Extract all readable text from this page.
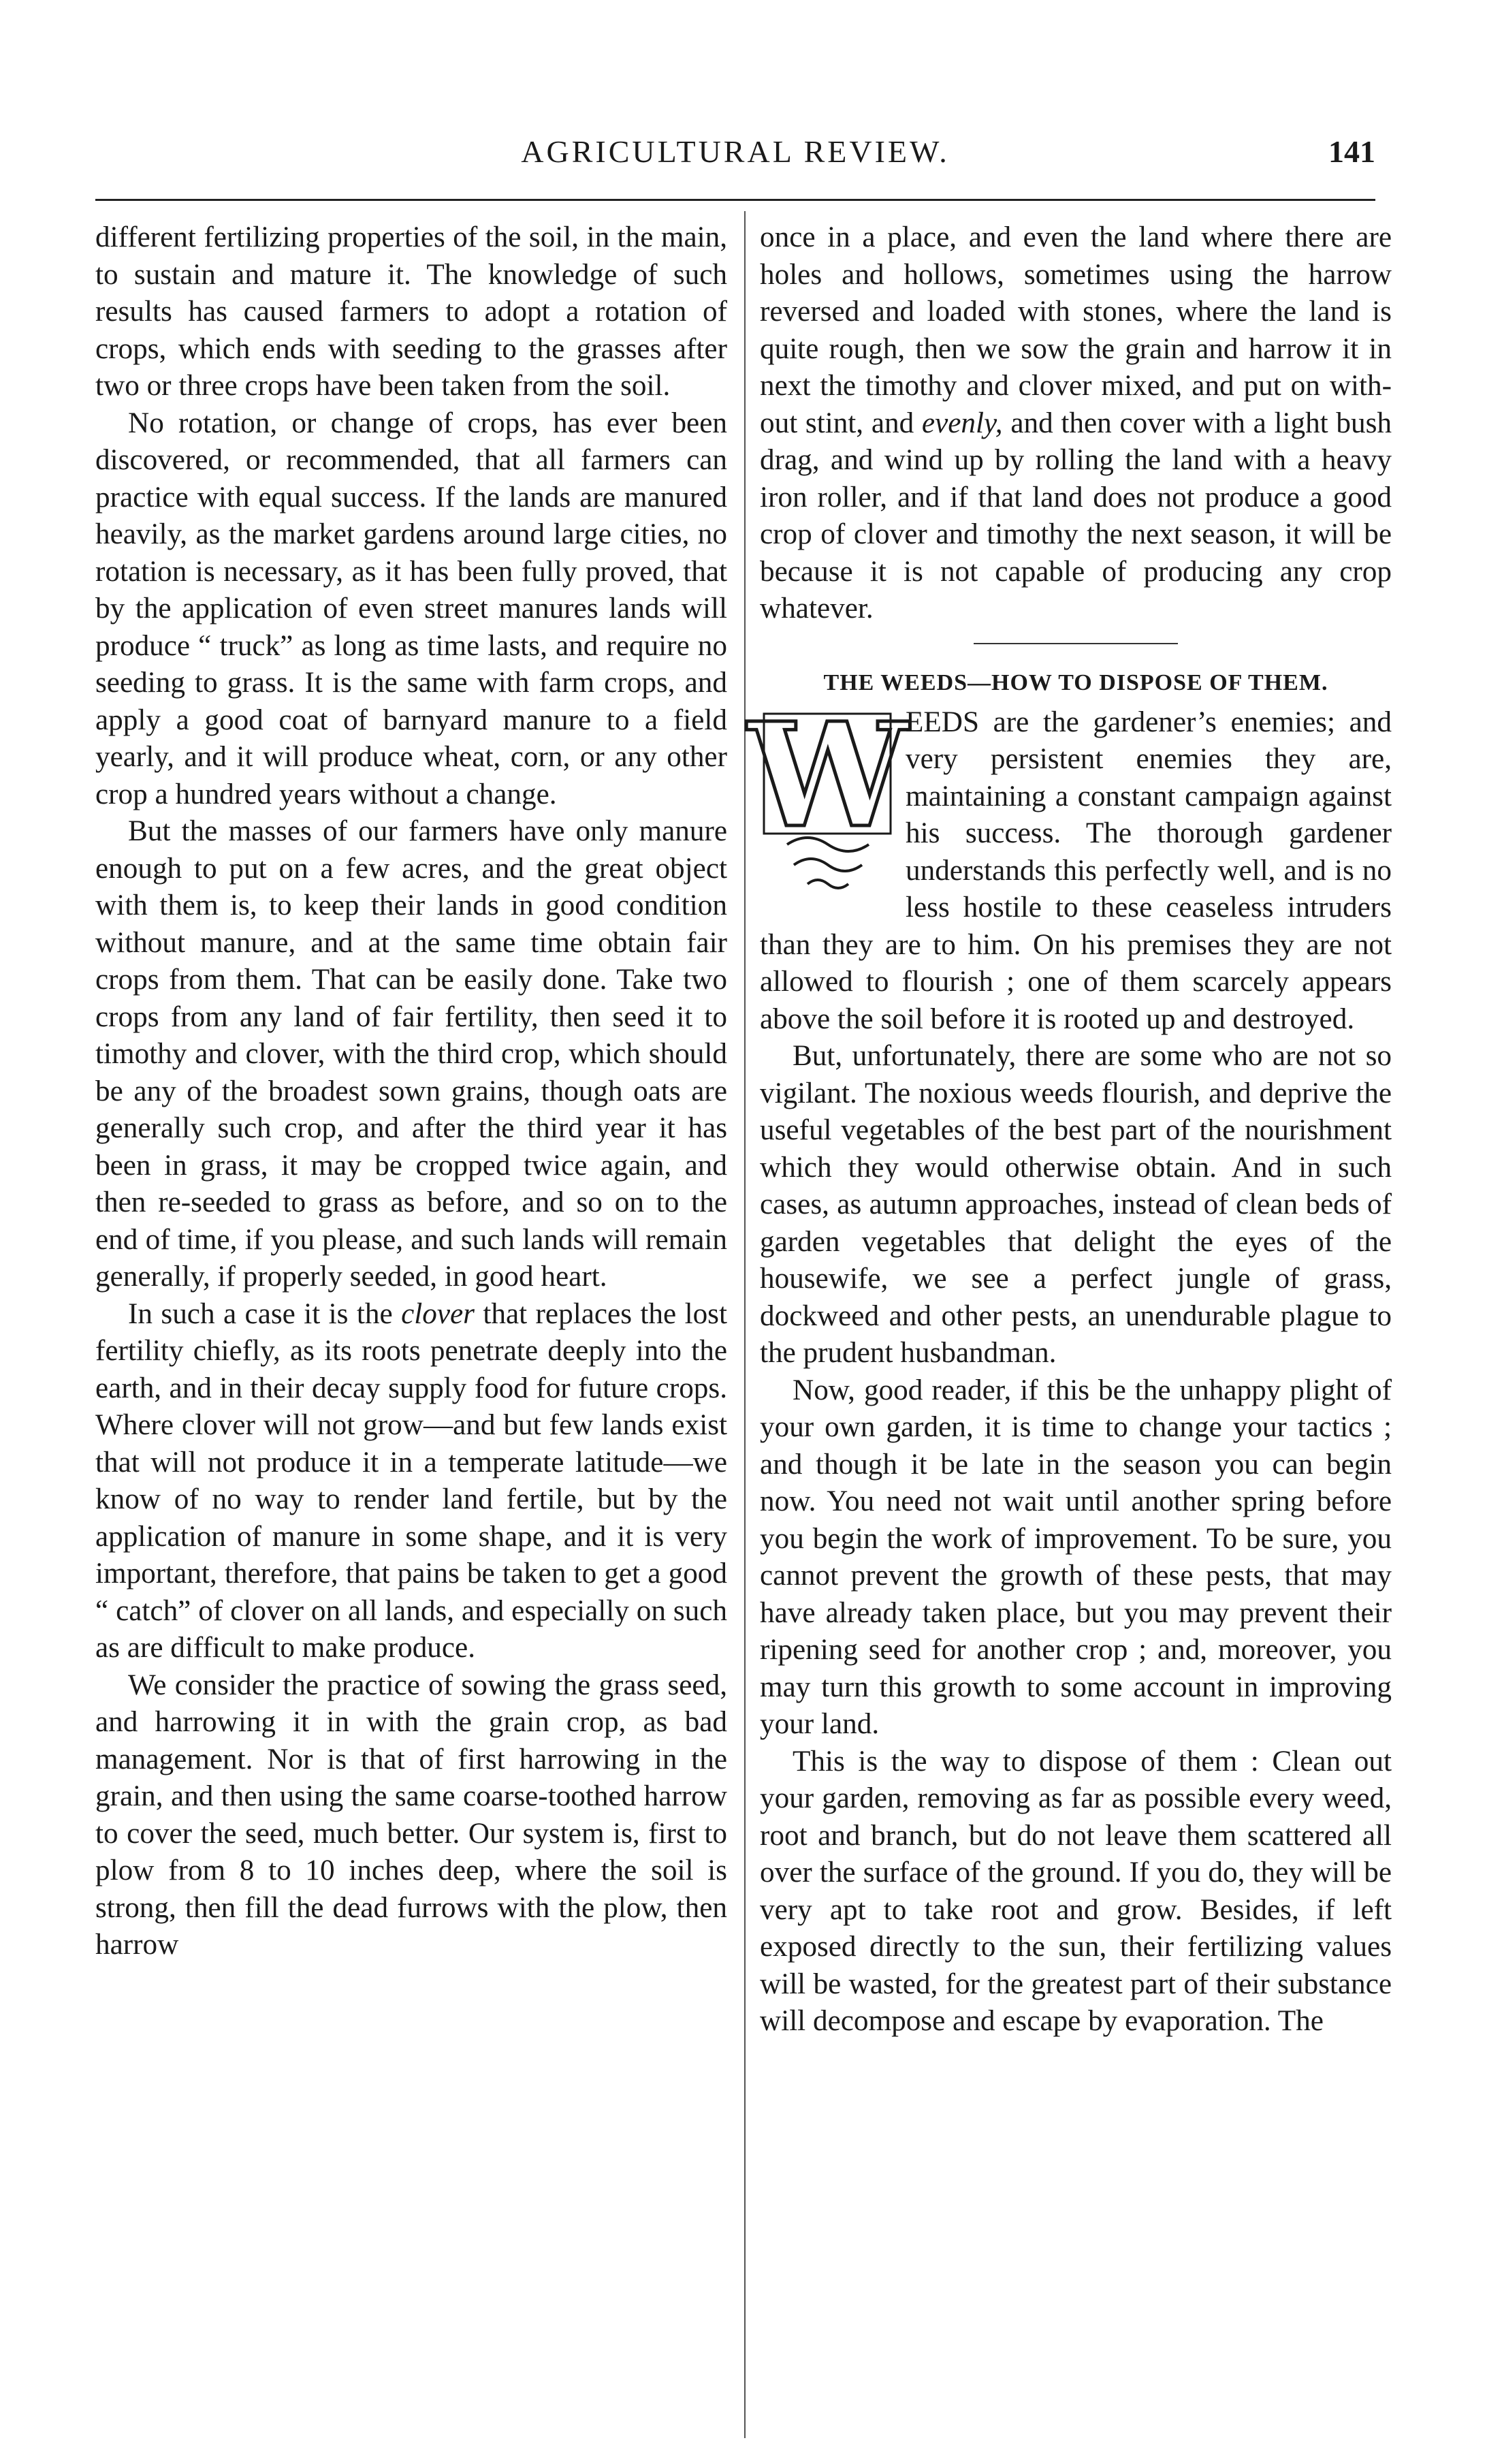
AGRICULTURAL REVIEW.	141

different fertilizing properties of the soil, in the main, to sustain and mature it. The knowledge of such results has caused farmers to adopt a rotation of crops, which ends with seeding to the grasses after two or three crops have been taken from the soil.

No rotation, or change of crops, has ever been discovered, or recommended, that all farmers can practice with equal success. If the lands are manured heavily, as the market gardens around large cities, no rotation is necessary, as it has been fully proved, that by the application of even street manures lands will produce “ truck” as long as time lasts, and require no seeding to grass. It is the same with farm crops, and apply a good coat of barnyard manure to a field yearly, and it will produce wheat, corn, or any other crop a hundred years without a change.

But the masses of our farmers have only manure enough to put on a few acres, and the great object with them is, to keep their lands in good condition without manure, and at the same time obtain fair crops from them. That can be easily done. Take two crops from any land of fair fertility, then seed it to timothy and clover, with the third crop, which should be any of the broadest sown grains, though oats are generally such crop, and after the third year it has been in grass, it may be cropped twice again, and then re-seeded to grass as before, and so on to the end of time, if you please, and such lands will remain generally, if properly seeded, in good heart.

In such a case it is the clover that replaces the lost fertility chiefly, as its roots penetrate deeply into the earth, and in their decay supply food for future crops. Where clover will not grow—and but few lands exist that will not produce it in a temperate latitude—we know of no way to render land fertile, but by the application of manure in some shape, and it is very important, therefore, that pains be taken to get a good “ catch” of clover on all lands, and especially on such as are difficult to make produce.

We consider the practice of sowing the grass seed, and harrowing it in with the grain crop, as bad management. Nor is that of first harrowing in the grain, and then using the same coarse-toothed harrow to cover the seed, much better. Our system is, first to plow from 8 to 10 inches deep, where the soil is strong, then fill the dead furrows with the plow, then harrow

once in a place, and even the land where there are holes and hollows, sometimes using the harrow reversed and loaded with stones, where the land is quite rough, then we sow the grain and harrow it in next the timothy and clover mixed, and put on without stint, and evenly, and then cover with a light bush drag, and wind up by rolling the land with a heavy iron roller, and if that land does not produce a good crop of clover and timothy the next season, it will be because it is not capable of producing any crop whatever.

THE WEEDS—HOW TO DISPOSE OF THEM.

W
EEDS are the gardener’s enemies; and very persistent enemies they are, maintaining a constant campaign against his success. The thorough gardener understands this perfectly well, and is no less hostile to these ceaseless intruders than they are to him. On his premises they are not allowed to flourish ; one of them scarcely appears above the soil before it is rooted up and destroyed.

But, unfortunately, there are some who are not so vigilant. The noxious weeds flourish, and deprive the useful vegetables of the best part of the nourishment which they would otherwise obtain. And in such cases, as autumn approaches, instead of clean beds of garden vegetables that delight the eyes of the housewife, we see a perfect jungle of grass, dockweed and other pests, an unendurable plague to the prudent husbandman.

Now, good reader, if this be the unhappy plight of your own garden, it is time to change your tactics ; and though it be late in the season you can begin now. You need not wait until another spring before you begin the work of improvement. To be sure, you cannot prevent the growth of these pests, that may have already taken place, but you may prevent their ripening seed for another crop ; and, moreover, you may turn this growth to some account in improving your land.

This is the way to dispose of them : Clean out your garden, removing as far as possible every weed, root and branch, but do not leave them scattered all over the surface of the ground. If you do, they will be very apt to take root and grow. Besides, if left exposed directly to the sun, their fertilizing values will be wasted, for the greatest part of their substance will decompose and escape by evaporation. The
